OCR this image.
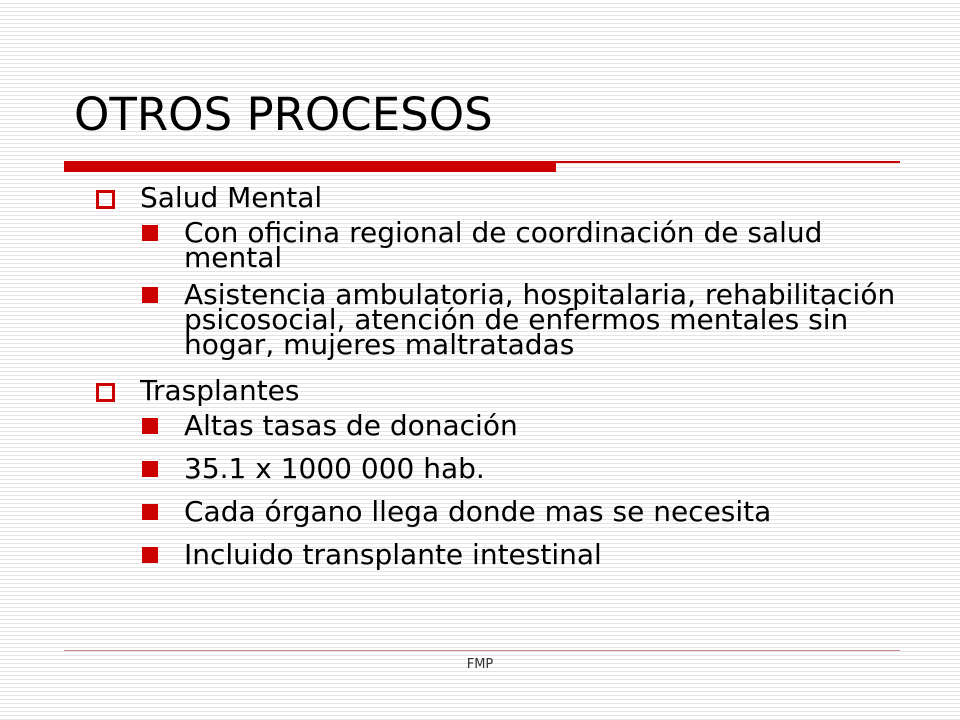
OTROS PROCESOS
Salud Mental
Con oficina regional de coordinación de salud mental
Asistencia ambulatoria, hospitalaria, rehabilitación psicosocial, atención de enfermos mentales sin hogar, mujeres maltratadas
Trasplantes
Altas tasas de donación
35.1 x 1000 000 hab.
Cada órgano llega donde mas se necesita
Incluido transplante intestinal
FMP
